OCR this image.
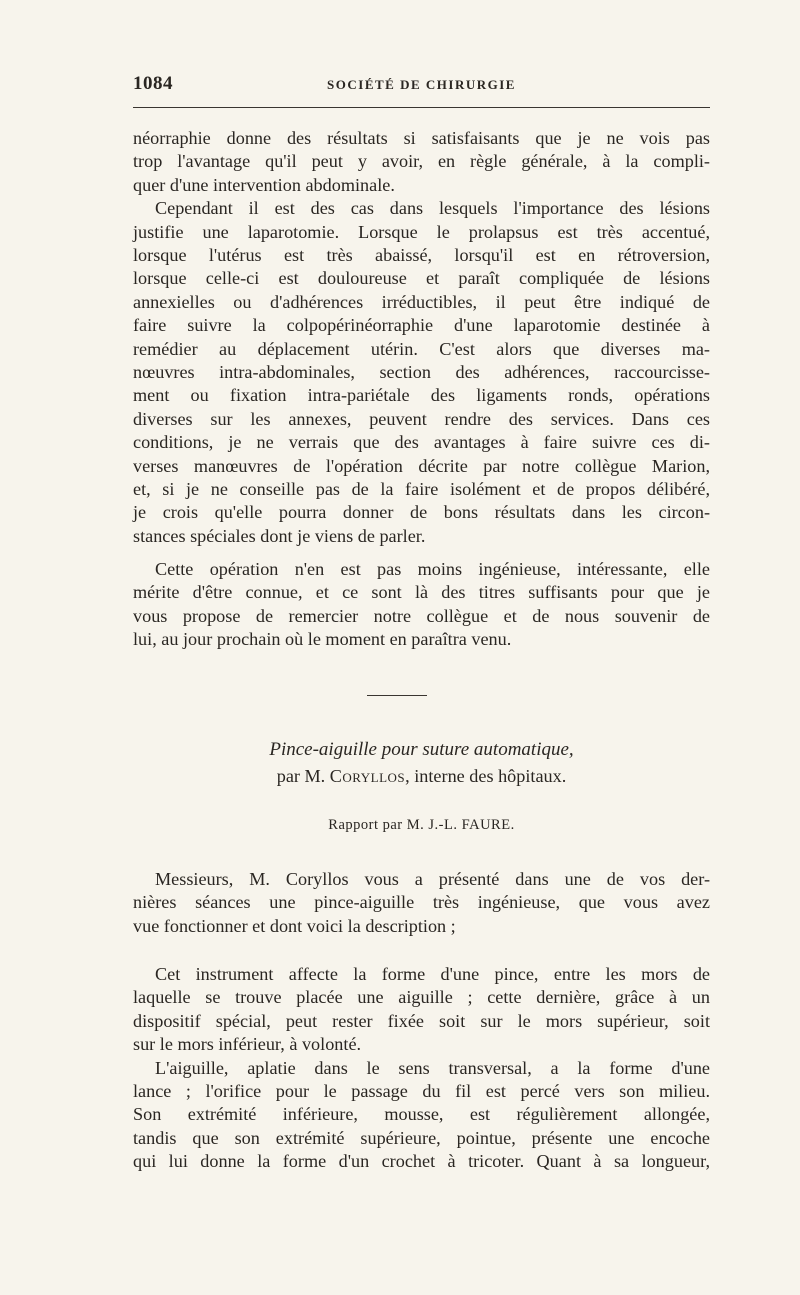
1084	SOCIÉTÉ DE CHIRURGIE
néorraphie donne des résultats si satisfaisants que je ne vois pas
trop l'avantage qu'il peut y avoir, en règle générale, à la compli-
quer d'une intervention abdominale.
Cependant il est des cas dans lesquels l'importance des lésions
justifie une laparotomie. Lorsque le prolapsus est très accentué,
lorsque l'utérus est très abaissé, lorsqu'il est en rétroversion,
lorsque celle-ci est douloureuse et paraît compliquée de lésions
annexielles ou d'adhérences irréductibles, il peut être indiqué de
faire suivre la colpopérinéorraphie d'une laparotomie destinée à
remédier au déplacement utérin. C'est alors que diverses ma-
nœuvres intra-abdominales, section des adhérences, raccourcisse-
ment ou fixation intra-pariétale des ligaments ronds, opérations
diverses sur les annexes, peuvent rendre des services. Dans ces
conditions, je ne verrais que des avantages à faire suivre ces di-
verses manœuvres de l'opération décrite par notre collègue Marion,
et, si je ne conseille pas de la faire isolément et de propos délibéré,
je crois qu'elle pourra donner de bons résultats dans les circon-
stances spéciales dont je viens de parler.
Cette opération n'en est pas moins ingénieuse, intéressante, elle
mérite d'être connue, et ce sont là des titres suffisants pour que je
vous propose de remercier notre collègue et de nous souvenir de
lui, au jour prochain où le moment en paraîtra venu.
Pince-aiguille pour suture automatique,
par M. Coryllos, interne des hôpitaux.
Rapport par M. J.-L. FAURE.
Messieurs, M. Coryllos vous a présenté dans une de vos der-
nières séances une pince-aiguille très ingénieuse, que vous avez
vue fonctionner et dont voici la description ;
Cet instrument affecte la forme d'une pince, entre les mors de
laquelle se trouve placée une aiguille ; cette dernière, grâce à un
dispositif spécial, peut rester fixée soit sur le mors supérieur, soit
sur le mors inférieur, à volonté.
L'aiguille, aplatie dans le sens transversal, a la forme d'une
lance ; l'orifice pour le passage du fil est percé vers son milieu.
Son extrémité inférieure, mousse, est régulièrement allongée,
tandis que son extrémité supérieure, pointue, présente une encoche
qui lui donne la forme d'un crochet à tricoter. Quant à sa longueur,
